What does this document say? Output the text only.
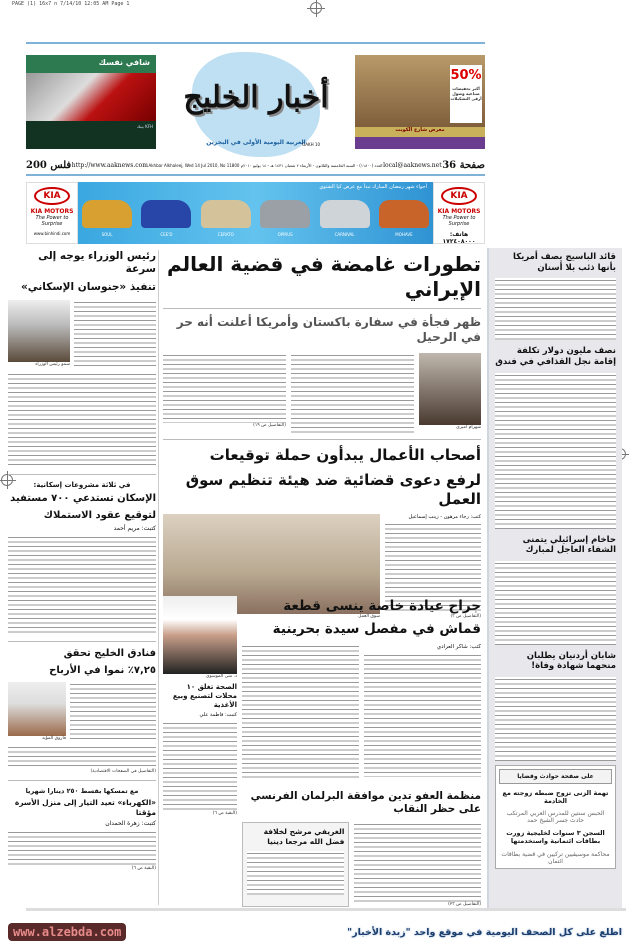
PAGE (1) 16x7 n 7/14/10 12:05 AM Page 1
شافي نفسك
بيتك KFH
أخبار الخليج
العربية اليومية الأولى في البحرين
GAKH 10
50%
أكبر تخفيضات صناعية وصول أرقى التشكيلات
معرض شارع الكويت
200 فلس http://www.aaknews.com العدد (١١٨٠٠) - السنة الخامسة والثلاثون - الأربعاء ٢ شعبان ١٤٣١ هـ - ١٤ يوليو ٢٠١٠م Akhbar Alkhaleej, Wed 14 Jul 2010, No 11800 local@aaknews.net 36 صفحة
KIA
KIA MOTORS
The Power to Surprise
www.binhindi.com
أجواء شهر رمضان المبارك تبدأ مع عرض كيا الشتوي
SOUL	CEE'D	CERATO	OPIRUS	CARNIVAL	MOHAVE
KIA
KIA MOTORS
The Power to Surprise
هاتف: ١٧٢٤٠٨٠٠٠
رئيس الوزراء يوجه إلى سرعة
تنفيذ «جنوسان الإسكاني»
سمو رئيس الوزراء
في ثلاثة مشروعات إسكانية:
الإسكان تستدعي ٧٠٠ مستفيد
لتوقيع عقود الاستملاك
كتبت: مريم أحمد
فنادق الخليج تحقق
٧,٢٥٪ نموا في الأرباح
فاروق المؤيد
(التفاصيل في الصفحات الاقتصادية)
مع تمسكها بقسط ٢٥٠ دينارا شهريا
«الكهرباء» تعيد التيار إلى منزل الأسرة مؤقتا
كتبت: زهرة الحمدان
(البقية ص ٦)
تطورات غامضة في قضية العالم الإيراني
ظهر فجأة في سفارة باكستان وأمريكا أعلنت أنه حر في الرحيل
شهرام أميري
(التفاصيل ص ١٩)
أصحاب الأعمال يبدأون حملة توقيعات
لرفع دعوى قضائية ضد هيئة تنظيم سوق العمل
كتب: رجاء مرهون - زينب إسماعيل
(التفاصيل ص ٣)
سوق العمل
د. منى الموسوي
الصحة تغلق ١٠ محلات لتصنيع وبيع الأغذية
كتبت: فاطمة علي
(البقية ص ٦)
جراح عيادة خاصة ينسى قطعة
قماش في مفصل سيدة بحرينية
كتب: شاكر العرادي
منظمة العفو تدين موافقة البرلمان الفرنسي على حظر النقاب
(التفاصيل ص ٢٣)
الغريفي مرشح لخلافة فضل الله مرجعا دينيا
قائد الباسيج يصف أمريكا بأنها ذئب بلا أسنان
نصف مليون دولار تكلفة إقامة نجل القذافي في فندق
حاخام إسرائيلي يتمنى الشفاء العاجل لمبارك
شابان أردنيان يطلبان منحهما شهادة وفاة!
على صفحة حوادث وقضايا
تهمة الزنى تزوج ضبطه زوجته مع الخادمة
الحبس سنتين للمدرس العربي المرتكب حادث جسر الشيخ حمد
السجن ٣ سنوات لخليجية زورت بطاقات ائتمانية واستخدمتها
محاكمة موسيقيين تركيين في قضية بطاقات ائتمان
www.alzebda.com	اطلع على كل الصحف اليومية في موقع واحد "زبدة الأخبار"
